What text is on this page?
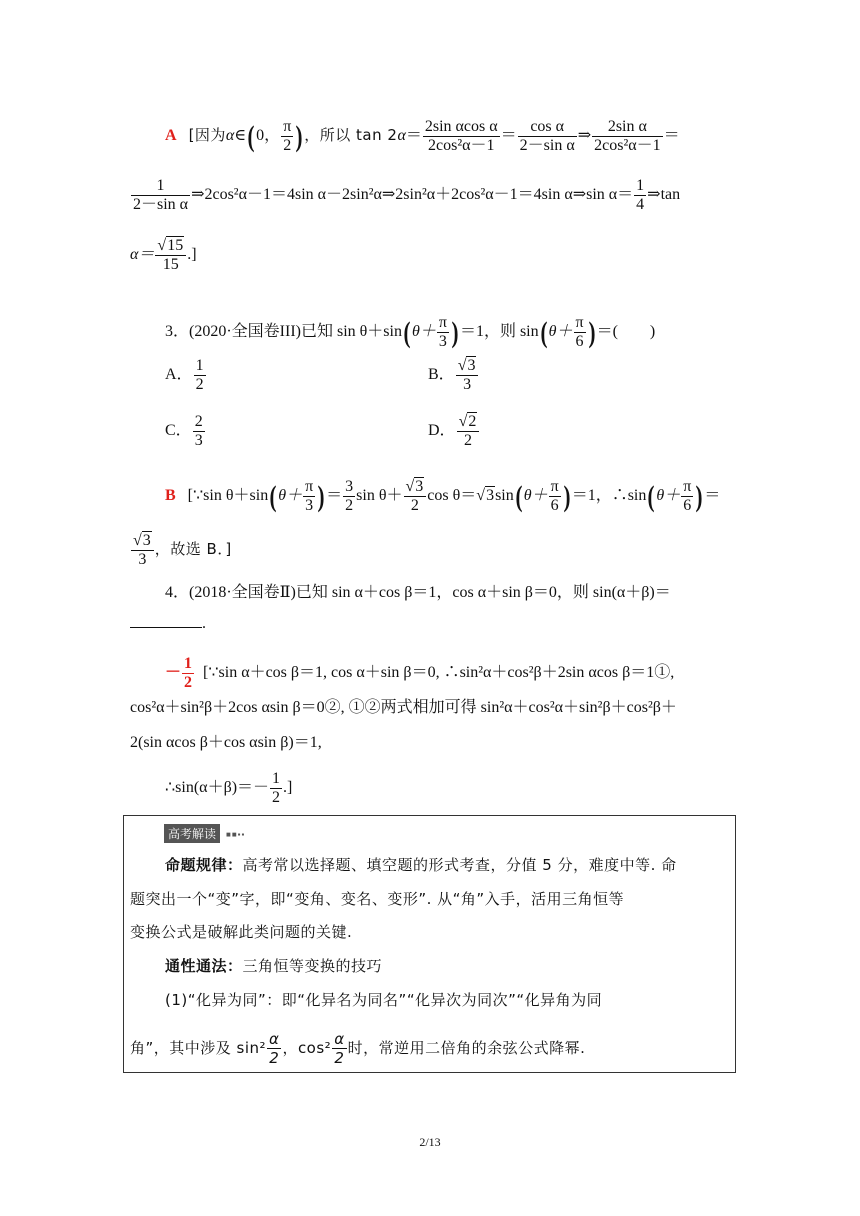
A [因为α∈(0， $\frac{\pi}{2}$ ) ，所以 $\tan 2\alpha= \frac{\text{2sin αcos α}}{\text{2cos²α－1}} = \frac{\text{cos α}}{\text{2－sin α}}$ ⇒ $\frac{\text{2sin α}}{\text{2cos²α－1}}$ ＝
$\frac{1}{\text{2－sin α}}$ ⇒2cos²α－1＝4sin α－2sin²α⇒2sin²α＋2cos²α－1＝4sin α⇒sin $\alpha= \frac{1}{4}$ ⇒tan
$\alpha= \frac{√15}{15}$ .]
3．(2020·全国卷III)已知 $\sin \theta+\sin(\theta+ \frac{\pi}{3} )=1$，则 $\sin(\theta+ \frac{\pi}{6}$ )＝(　　)
A． $\frac{1}{2}$	B． $\frac{√3}{3}$
C． $\frac{2}{3}$	D． $\frac{√2}{2}$
B [∵sin $\theta+\sin(\theta+ \frac{\pi}{3}$ )＝ $\frac{3}{2}$ $\sin \theta+ \frac{√3}{2}$ $\cos \theta=√3\sin(\theta+ \frac{\pi}{6} )=1$，∴sin(θ＋ $\frac{\pi}{6}$ )＝
$\frac{√3}{3}$ ，故选 B．]
4．(2018·全国卷Ⅱ)已知 sin α＋cos β＝1，cos α＋sin β＝0，则 sin(α＋β)＝
.
－ $\frac{1}{2}$ [∵sin α＋cos β＝1, cos α＋sin β＝0, ∴sin²α＋cos²β＋2sin αcos β＝1①,
cos²α＋sin²β＋2cos αsin β＝0②, ①②两式相加可得 sin²α＋cos²α＋sin²β＋cos²β＋
2(sin αcos β＋cos αsin β)＝1,
∴sin(α＋β)＝－ $\frac{1}{2}$ .]
高考解读	■■▪▪
命题规律：高考常以选择题、填空题的形式考查，分值 5 分，难度中等. 命
题突出一个“变”字，即“变角、变名、变形”. 从“角”入手，活用三角恒等
变换公式是破解此类问题的关键.
通性通法：三角恒等变换的技巧
(1)“化异为同”：即“化异名为同名”“化异次为同次”“化异角为同
角”，其中涉及 $\sin^2 \frac{\alpha}{2}$ ，$\cos^2 \frac{\alpha}{2}$ 时，常逆用二倍角的余弦公式降幂.
2/13
